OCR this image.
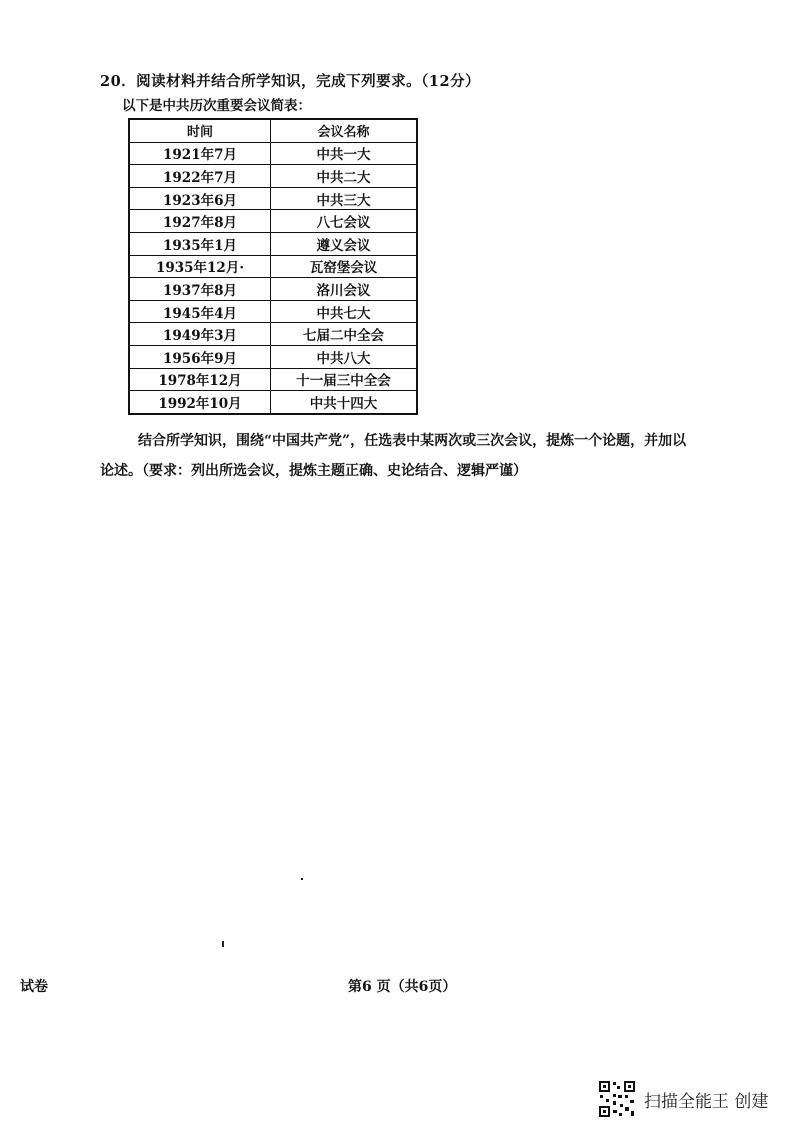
20．阅读材料并结合所学知识，完成下列要求。（12分）
以下是中共历次重要会议简表：
时间	会议名称
1921年7月	中共一大
1922年7月	中共二大
1923年6月	中共三大
1927年8月	八七会议
1935年1月	遵义会议
1935年12月·	瓦窑堡会议
1937年8月	洛川会议
1945年4月	中共七大
1949年3月	七届二中全会
1956年9月	中共八大
1978年12月	十一届三中全会
1992年10月	中共十四大
结合所学知识，围绕“中国共产党”，任选表中某两次或三次会议，提炼一个论题，并加以论述。（要求：列出所选会议，提炼主题正确、史论结合、逻辑严谨）
试卷	第6 页（共6页）
扫描全能王 创建
